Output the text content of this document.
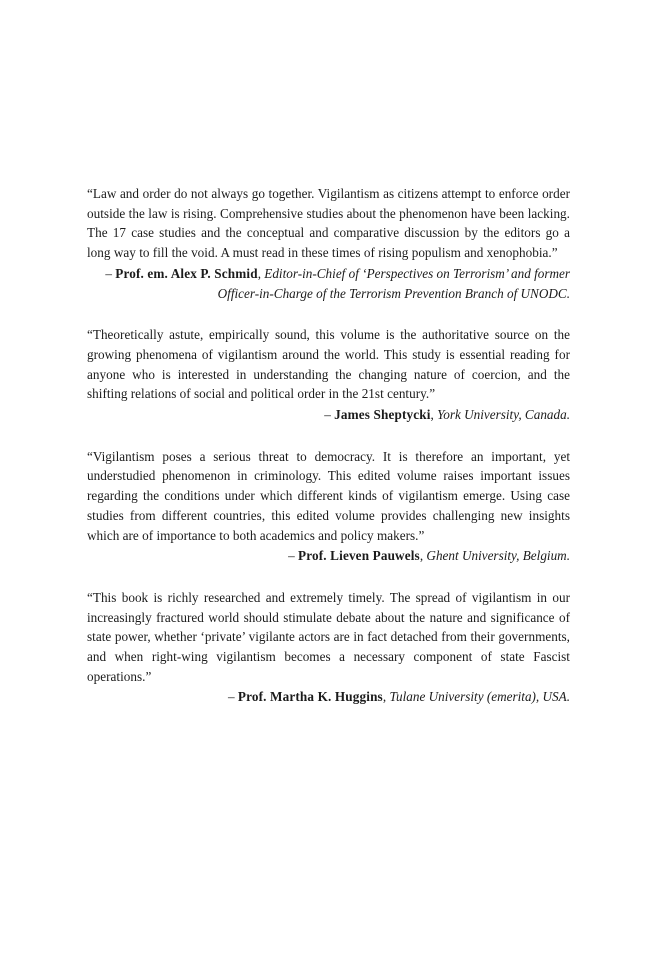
“Law and order do not always go together. Vigilantism as citizens attempt to enforce order outside the law is rising. Comprehensive studies about the phenomenon have been lacking. The 17 case studies and the conceptual and comparative discussion by the editors go a long way to fill the void. A must read in these times of rising populism and xenophobia.”

– Prof. em. Alex P. Schmid, Editor-in-Chief of ‘Perspectives on Terrorism’ and former Officer-in-Charge of the Terrorism Prevention Branch of UNODC.

“Theoretically astute, empirically sound, this volume is the authoritative source on the growing phenomena of vigilantism around the world. This study is essential reading for anyone who is interested in understanding the changing nature of coercion, and the shifting relations of social and political order in the 21st century.”

– James Sheptycki, York University, Canada.

“Vigilantism poses a serious threat to democracy. It is therefore an important, yet understudied phenomenon in criminology. This edited volume raises important issues regarding the conditions under which different kinds of vigilantism emerge. Using case studies from different countries, this edited volume provides challenging new insights which are of importance to both academics and policy makers.”

– Prof. Lieven Pauwels, Ghent University, Belgium.

“This book is richly researched and extremely timely. The spread of vigilantism in our increasingly fractured world should stimulate debate about the nature and significance of state power, whether ‘private’ vigilante actors are in fact detached from their governments, and when right-wing vigilantism becomes a necessary component of state Fascist operations.”

– Prof. Martha K. Huggins, Tulane University (emerita), USA.
